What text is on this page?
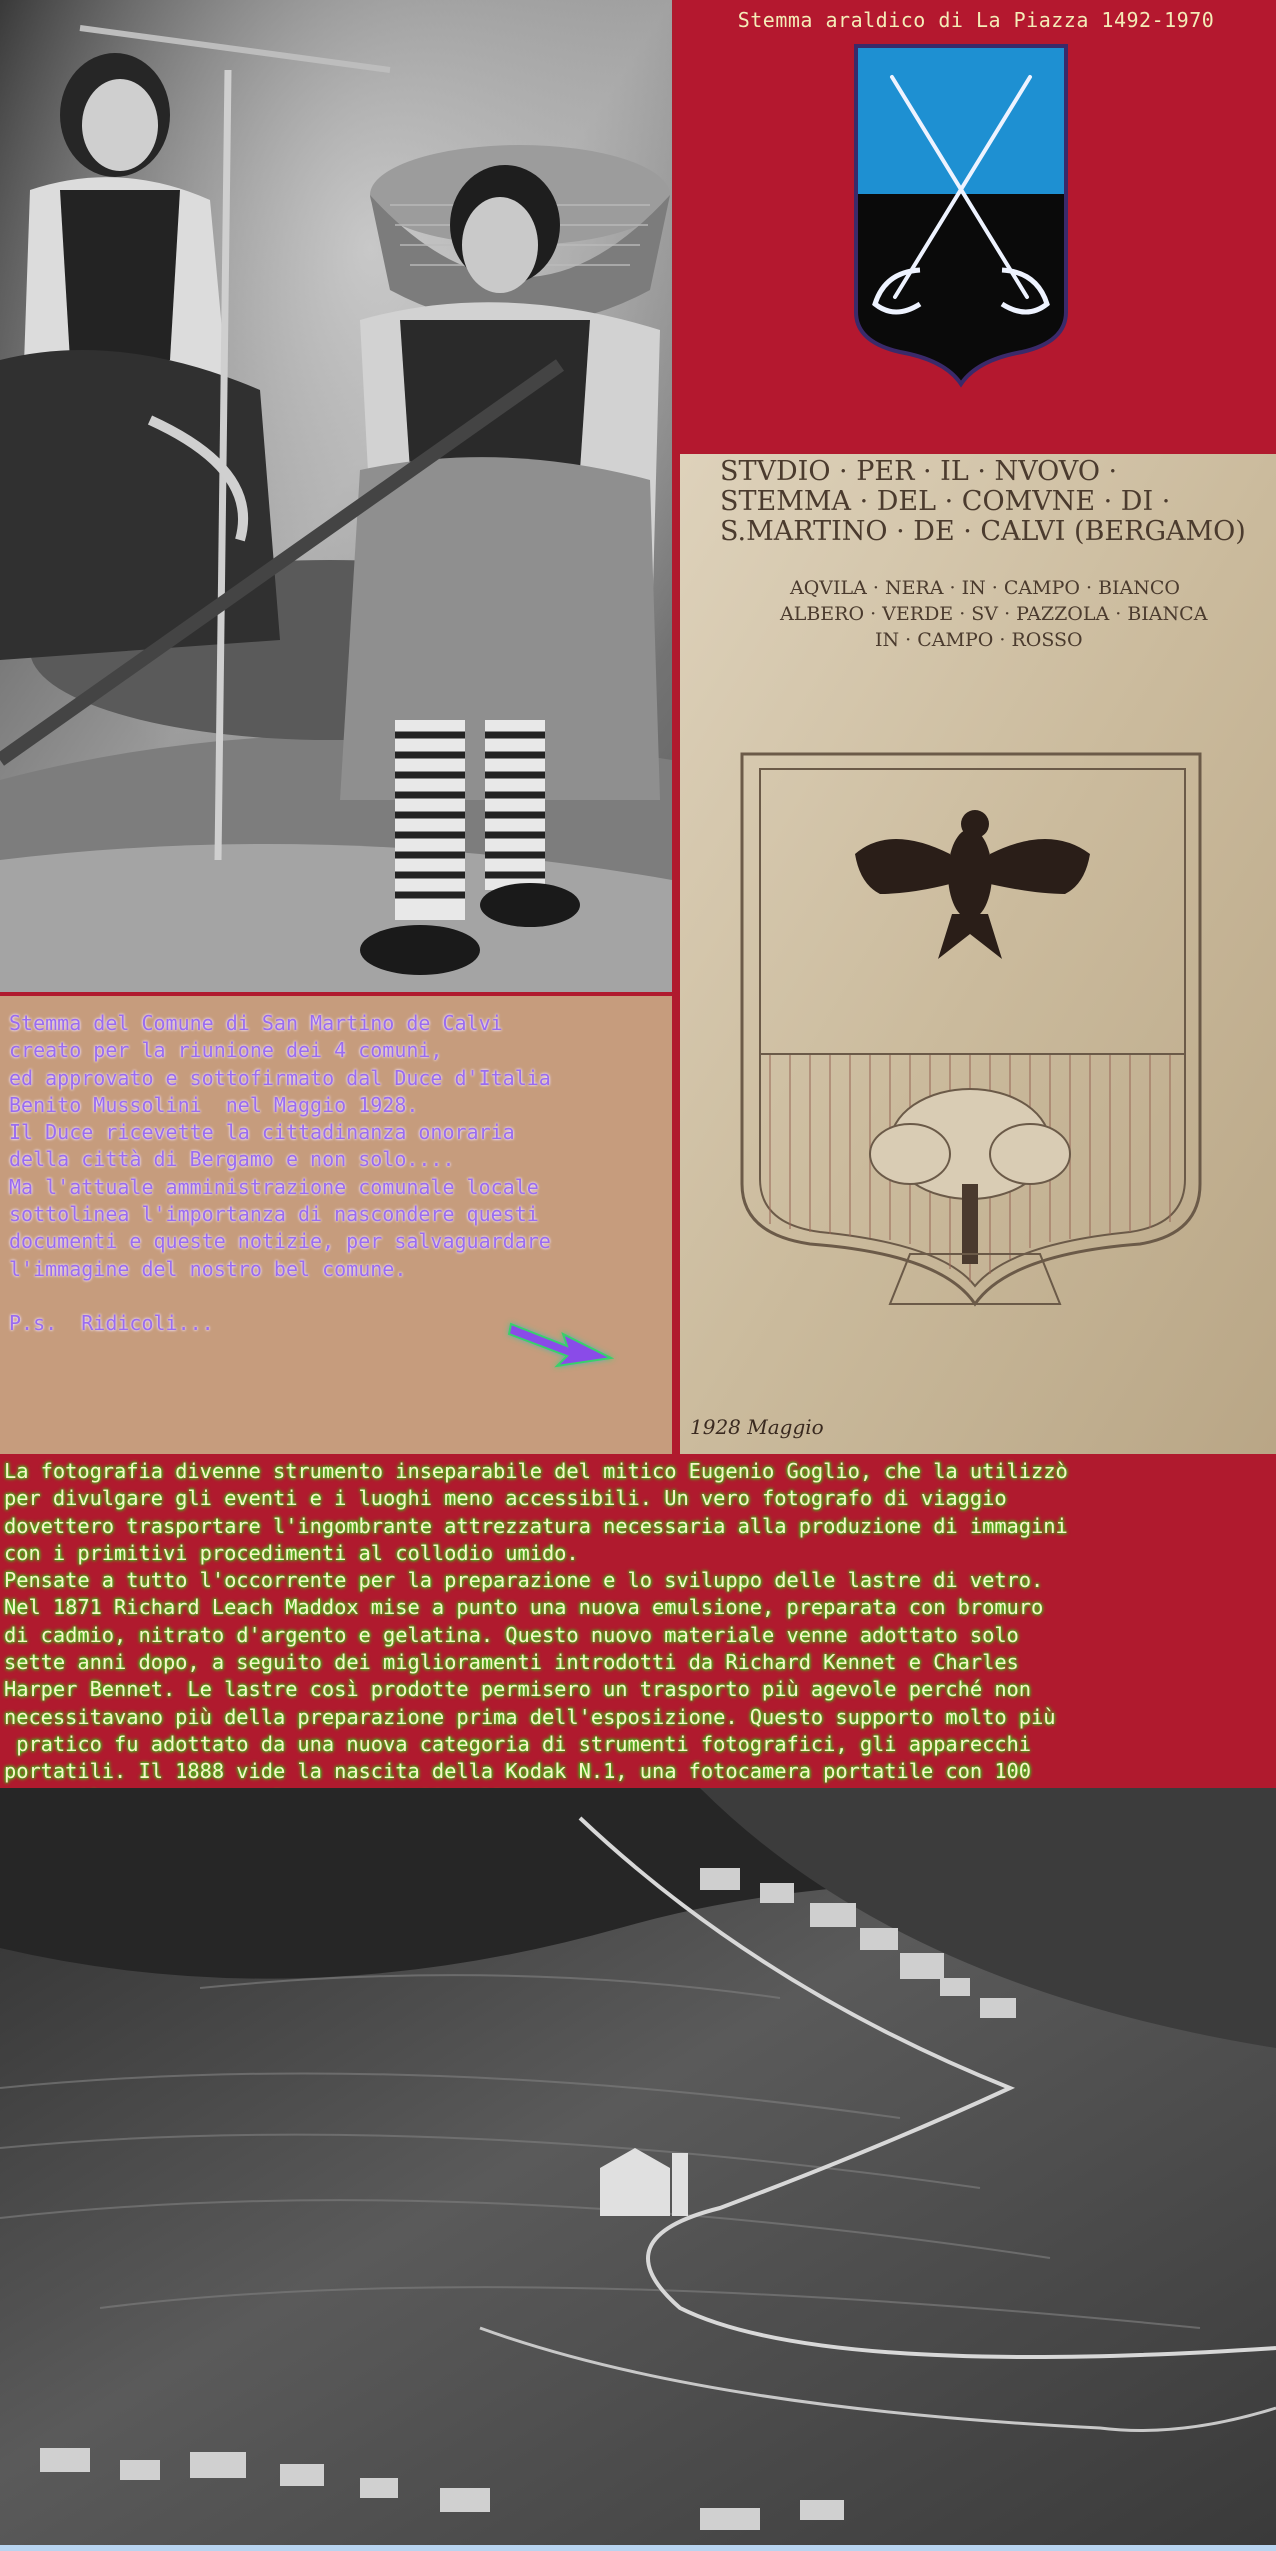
Stemma araldico di La Piazza 1492-1970

STVDIO · PER · IL · NVOVO ·
STEMMA · DEL · COMVNE · DI ·
S.MARTINO · DE · CALVI (BERGAMO)
AQVILA · NERA · IN · CAMPO · BIANCO
ALBERO · VERDE · SV · PAZZOLA · BIANCA
IN · CAMPO · ROSSO
1928 Maggio
Stemma del Comune di San Martino de Calvi
creato per la riunione dei 4 comuni,
ed approvato e sottofirmato dal Duce d'Italia
Benito Mussolini  nel Maggio 1928.
Il Duce ricevette la cittadinanza onoraria
della città di Bergamo e non solo....
Ma l'attuale amministrazione comunale locale
sottolinea l'importanza di nascondere questi
documenti e queste notizie, per salvaguardare
l'immagine del nostro bel comune.

P.s.  Ridicoli...
La fotografia divenne strumento inseparabile del mitico Eugenio Goglio, che la utilizzò
per divulgare gli eventi e i luoghi meno accessibili. Un vero fotografo di viaggio
dovettero trasportare l'ingombrante attrezzatura necessaria alla produzione di immagini
con i primitivi procedimenti al collodio umido.
Pensate a tutto l'occorrente per la preparazione e lo sviluppo delle lastre di vetro.
Nel 1871 Richard Leach Maddox mise a punto una nuova emulsione, preparata con bromuro
di cadmio, nitrato d'argento e gelatina. Questo nuovo materiale venne adottato solo
sette anni dopo, a seguito dei miglioramenti introdotti da Richard Kennet e Charles
Harper Bennet. Le lastre così prodotte permisero un trasporto più agevole perché non
necessitavano più della preparazione prima dell'esposizione. Questo supporto molto più
pratico fu adottato da una nuova categoria di strumenti fotografici, gli apparecchi
portatili. Il 1888 vide la nascita della Kodak N.1, una fotocamera portatile con 100
